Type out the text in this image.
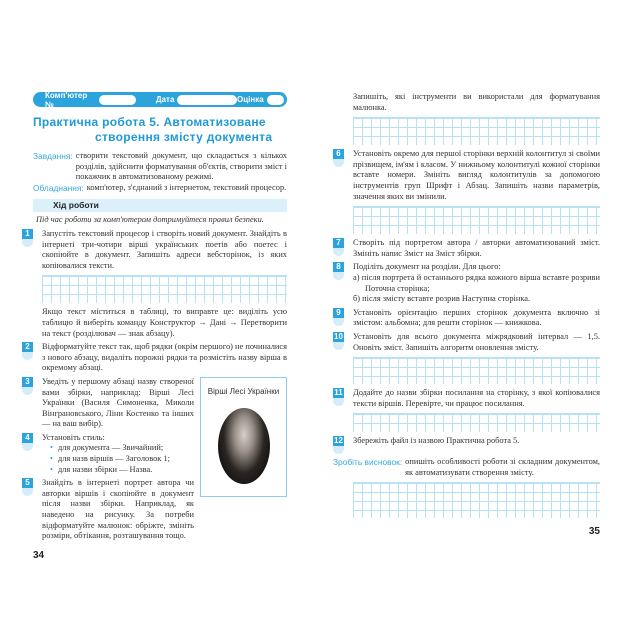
Комп'ютер №	Дата	Оцінка
Практична робота 5. Автоматизоване
створення змісту документа
Завдання: створити текстовий документ, що складається з кількох розділів, здійснити форматування об'єктів, створити зміст і покажчик в автоматизованому режимі.
Обладнання: комп'ютер, з'єднаний з інтернетом, текстовий процесор.
Хід роботи
Під час роботи за комп'ютером дотримуйтеся правил безпеки.
1	Запустіть текстовий процесор і створіть новий документ. Знайдіть в інтернеті три-чотири вірші українських поетів або поетес і скопіюйте в документ. Запишіть адреси вебсторінок, із яких копіювалися тексти.
Якщо текст міститься в таблиці, то виправте це: виділіть усю таблицю й виберіть команду Конструктор → Дані → Перетворити на текст (розділювач — знак абзацу).
2	Відформатуйте текст так, щоб рядки (окрім першого) не починалися з нового абзацу, видаліть порожні рядки та розмістіть назву вірша в окремому абзаці.
Вірші Лесі Українки
3	Уведіть у першому абзаці назву створеної вами збірки, наприклад: Вірші Лесі Українки (Василя Симоненка, Миколи Вінграновського, Ліни Костенко та інших — на ваш вибір).
4	Установіть стиль:
• для документа — Звичайний;
• для назв віршів — Заголовок 1;
• для назви збірки — Назва.
5	Знайдіть в інтернеті портрет автора чи авторки віршів і скопіюйте в документ після назви збірки. Наприклад, як наведено на рисунку. За потреби відформатуйте малюнок: обріжте, змініть розміри, обтікання, розташування тощо.
34
Запишіть, які інструменти ви використали для форматування малюнка.
6	Установіть окремо для першої сторінки верхній колонтитул зі своїми прізвищем, ім'ям і класом. У нижньому колонтитулі кожної сторінки вставте номери. Змініть вигляд колонтитулів за допомогою інструментів груп Шрифт і Абзац. Запишіть назви параметрів, значення яких ви змінили.
7	Створіть під портретом автора / авторки автоматизований зміст. Змініть напис Зміст на Зміст збірки.
8	Поділіть документ на розділи. Для цього:
а) після портрета й останнього рядка кожного вірша вставте розриви Поточна сторінка;
б) після змісту вставте розрив Наступна сторінка.
9	Установіть орієнтацію перших сторінок документа включно зі змістом: альбомна; для решти сторінок — книжкова.
10 Установіть для всього документа міжрядковий інтервал — 1,5. Оновіть зміст. Запишіть алгоритм оновлення змісту.
11 Додайте до назви збірки посилання на сторінку, з якої копіювалися тексти віршів. Перевірте, чи працює посилання.
12 Збережіть файл із назвою Практична робота 5.
Зробіть висновок: опишіть особливості роботи зі складним документом, як автоматизувати створення змісту.
35
